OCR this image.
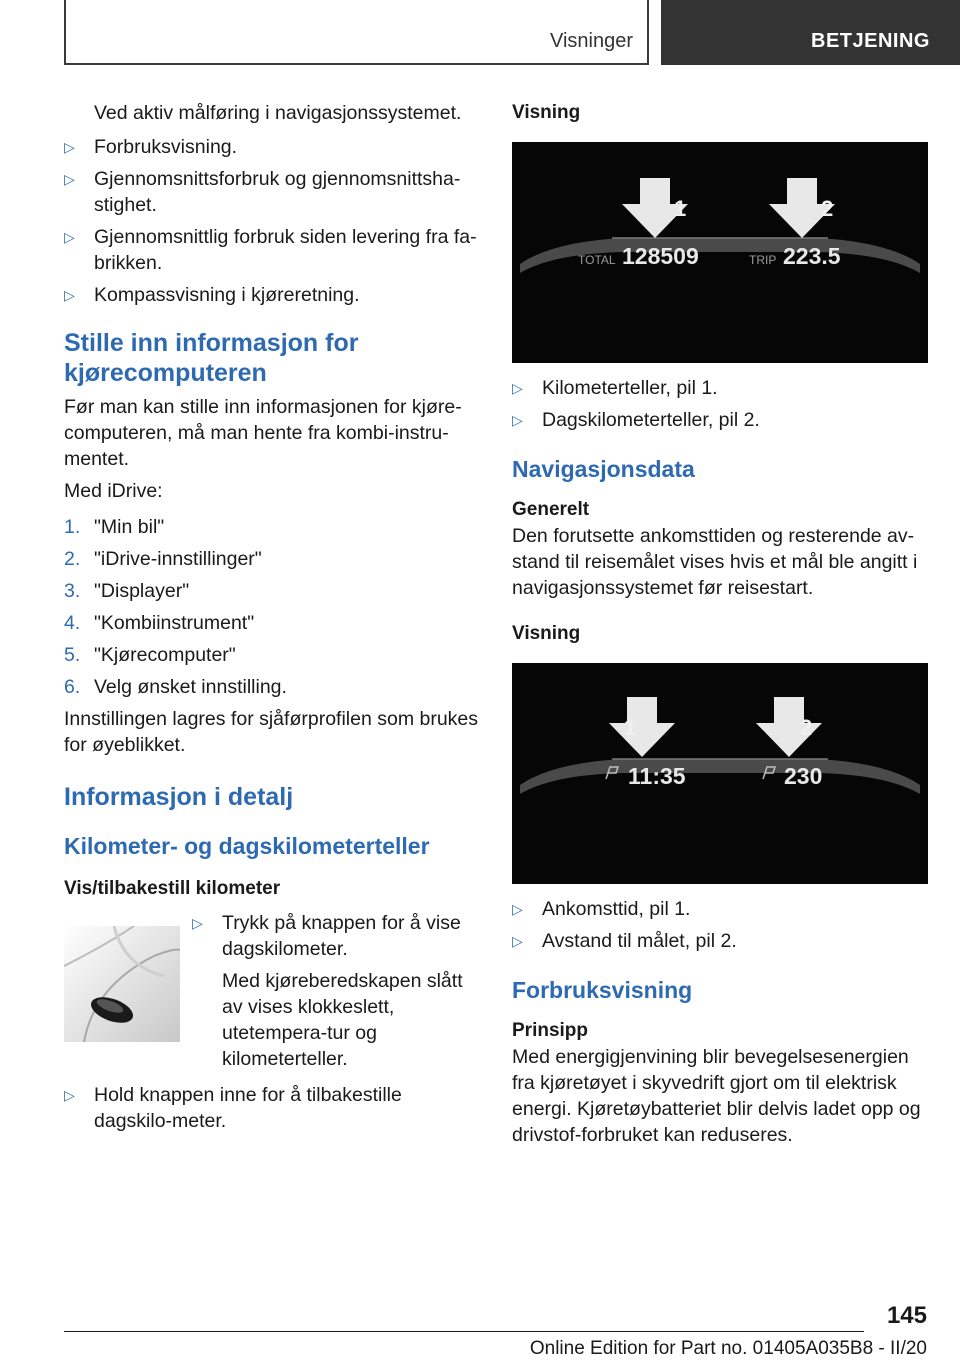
Visninger	BETJENING

Ved aktiv målføring i navigasjonssystemet.

▷ Forbruksvisning.
▷ Gjennomsnittsforbruk og gjennomsnittsha‐stighet.
▷ Gjennomsnittlig forbruk siden levering fra fa‐brikken.
▷ Kompassvisning i kjøreretning.
Stille inn informasjon for kjørecomputeren

Før man kan stille inn informasjonen for kjøre‐computeren, må man hente fra kombi-instru‐mentet.

Med iDrive:

1. "Min bil"
2. "iDrive-innstillinger"
3. "Displayer"
4. "Kombiinstrument"
5. "Kjørecomputer"
6. Velg ønsket innstilling.

Innstillingen lagres for sjåførprofilen som brukes for øyeblikket.

Informasjon i detalj
Kilometer- og dagskilometerteller
Vis/tilbakestill kilometer
▷ Trykk på knappen for å vise dagskilometer.

Med kjøreberedskapen slått av vises klokkeslett, utetempera‐tur og kilometerteller.

▷ Hold knappen inne for å tilbakestille dagskilo‐meter.
Visning
1	2
TOTAL 128509	TRIP 223.5
▷ Kilometerteller, pil 1.
▷ Dagskilometerteller, pil 2.
Navigasjonsdata
Generelt

Den forutsette ankomsttiden og resterende av‐stand til reisemålet vises hvis et mål ble angitt i navigasjonssystemet før reisestart.

Visning
1	2
11:35	230
▷ Ankomsttid, pil 1.
▷ Avstand til målet, pil 2.
Forbruksvisning
Prinsipp

Med energigjenvining blir bevegelsesenergien fra kjøretøyet i skyvedrift gjort om til elektrisk energi. Kjøretøybatteriet blir delvis ladet opp og drivstof‐forbruket kan reduseres.

145
Online Edition for Part no. 01405A035B8 - II/20
